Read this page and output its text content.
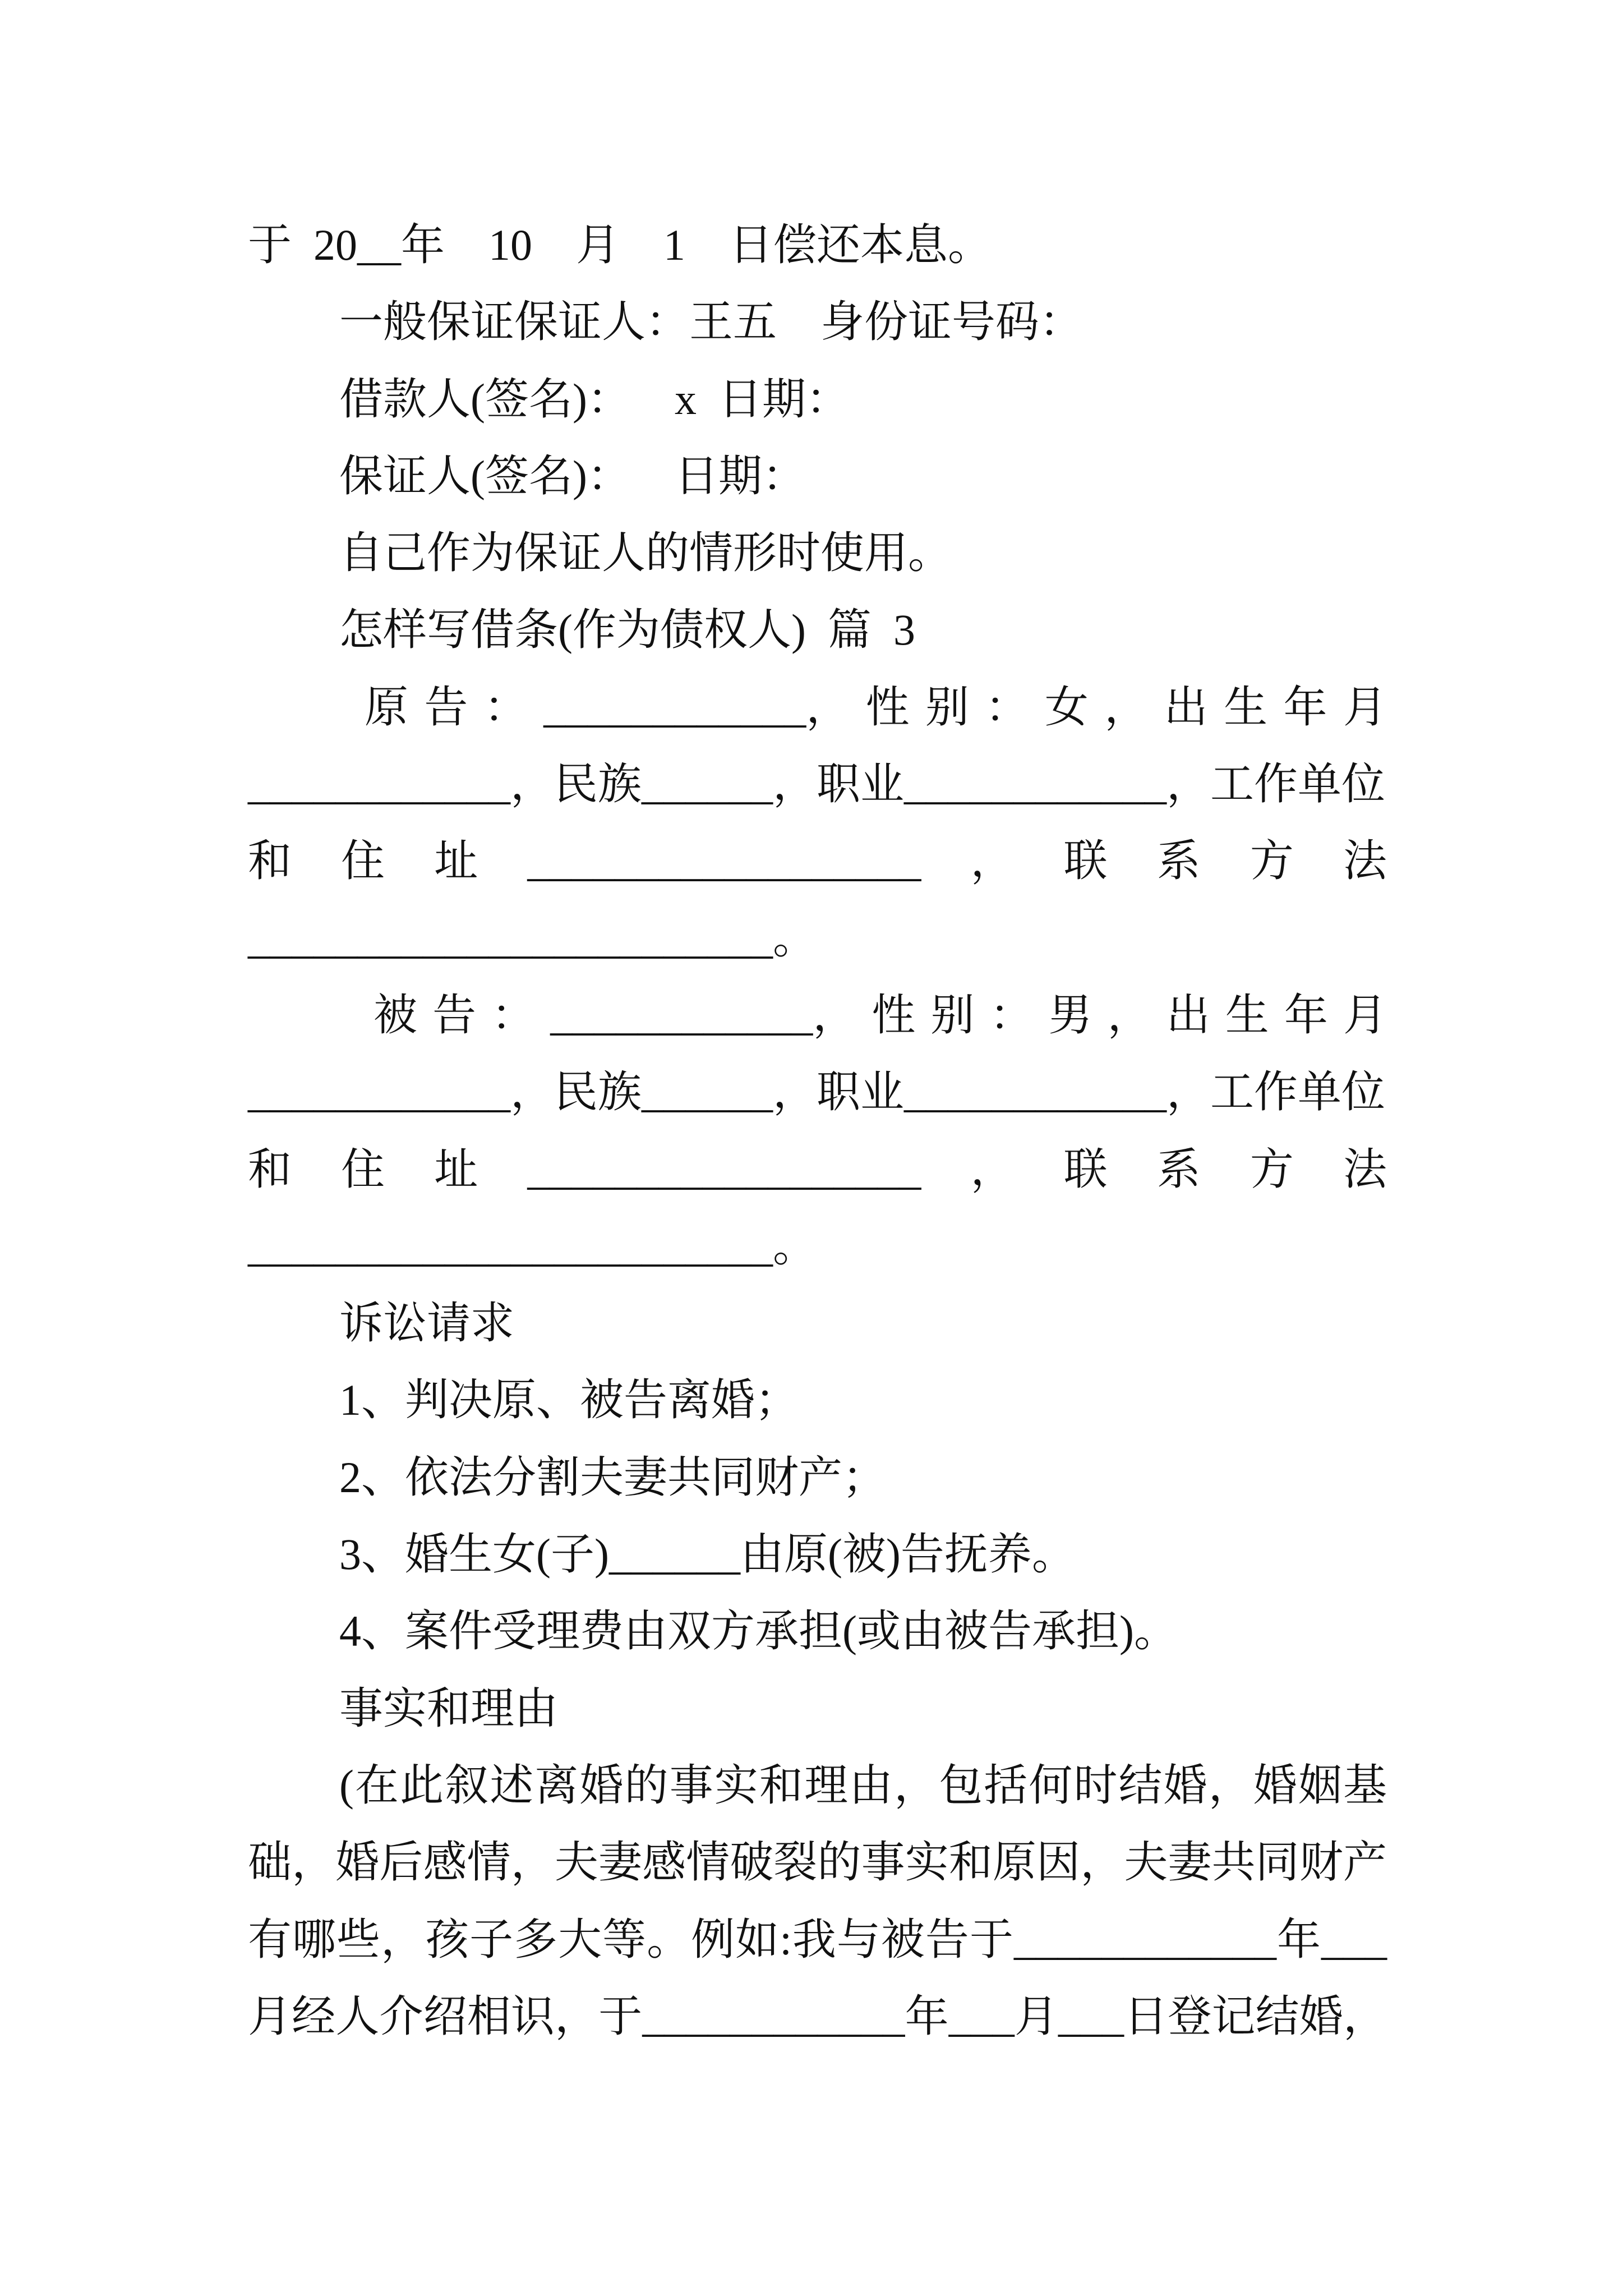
于 20__年  10  月  1  日偿还本息。
一般保证保证人：王五  身份证号码：
借款人(签名)：  x 日期：
保证人(签名)：  日期：
自己作为保证人的情形时使用。
怎样写借条(作为债权人) 篇 3
原 告 ： ____________， 性 别 ： 女 ， 出 生 年 月
____________，民族______，职业____________，工作单位
和 住 址 __________________ ， 联 系 方 法
________________________。
被 告 ： ____________， 性 别 ： 男 ， 出 生 年 月
____________，民族______，职业____________，工作单位
和 住 址 __________________ ， 联 系 方 法
________________________。
诉讼请求
1、判决原、被告离婚；
2、依法分割夫妻共同财产；
3、婚生女(子)______由原(被)告抚养。
4、案件受理费由双方承担(或由被告承担)。
事实和理由
(在此叙述离婚的事实和理由，包括何时结婚，婚姻基
础，婚后感情，夫妻感情破裂的事实和原因，夫妻共同财产
有哪些，孩子多大等。例如:我与被告于____________年___
月经人介绍相识，于____________年___月___日登记结婚，
